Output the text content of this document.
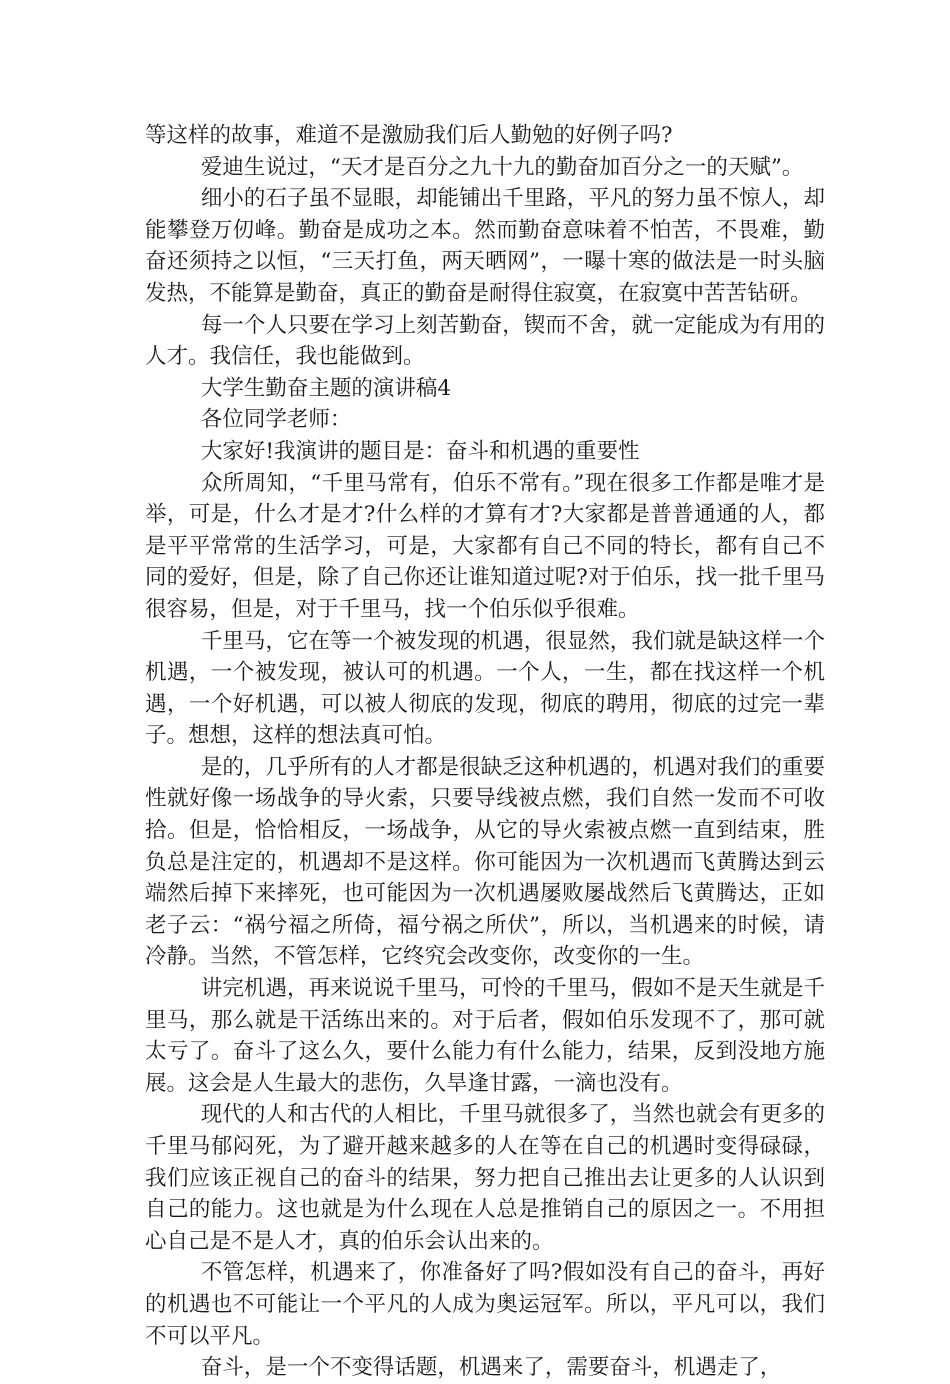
等这样的故事，难道不是激励我们后人勤勉的好例子吗?

爱迪生说过，“天才是百分之九十九的勤奋加百分之一的天赋”。

细小的石子虽不显眼，却能铺出千里路，平凡的努力虽不惊人，却能攀登万仞峰。勤奋是成功之本。然而勤奋意味着不怕苦，不畏难，勤奋还须持之以恒，“三天打鱼，两天晒网”，一曝十寒的做法是一时头脑发热，不能算是勤奋，真正的勤奋是耐得住寂寞，在寂寞中苦苦钻研。

每一个人只要在学习上刻苦勤奋，锲而不舍，就一定能成为有用的人才。我信任，我也能做到。

大学生勤奋主题的演讲稿4

各位同学老师：

大家好!我演讲的题目是：奋斗和机遇的重要性

众所周知，“千里马常有，伯乐不常有。”现在很多工作都是唯才是举，可是，什么才是才?什么样的才算有才?大家都是普普通通的人，都是平平常常的生活学习，可是，大家都有自己不同的特长，都有自己不同的爱好，但是，除了自己你还让谁知道过呢?对于伯乐，找一批千里马很容易，但是，对于千里马，找一个伯乐似乎很难。

千里马，它在等一个被发现的机遇，很显然，我们就是缺这样一个机遇，一个被发现，被认可的机遇。一个人，一生，都在找这样一个机遇，一个好机遇，可以被人彻底的发现，彻底的聘用，彻底的过完一辈子。想想，这样的想法真可怕。

是的，几乎所有的人才都是很缺乏这种机遇的，机遇对我们的重要性就好像一场战争的导火索，只要导线被点燃，我们自然一发而不可收拾。但是，恰恰相反，一场战争，从它的导火索被点燃一直到结束，胜负总是注定的，机遇却不是这样。你可能因为一次机遇而飞黄腾达到云端然后掉下来摔死，也可能因为一次机遇屡败屡战然后飞黄腾达，正如老子云：“祸兮福之所倚，福兮祸之所伏”，所以，当机遇来的时候，请冷静。当然，不管怎样，它终究会改变你，改变你的一生。

讲完机遇，再来说说千里马，可怜的千里马，假如不是天生就是千里马，那么就是干活练出来的。对于后者，假如伯乐发现不了，那可就太亏了。奋斗了这么久，要什么能力有什么能力，结果，反到没地方施展。这会是人生最大的悲伤，久旱逢甘露，一滴也没有。

现代的人和古代的人相比，千里马就很多了，当然也就会有更多的千里马郁闷死，为了避开越来越多的人在等在自己的机遇时变得碌碌，我们应该正视自己的奋斗的结果，努力把自己推出去让更多的人认识到自己的能力。这也就是为什么现在人总是推销自己的原因之一。不用担心自己是不是人才，真的伯乐会认出来的。

不管怎样，机遇来了，你准备好了吗?假如没有自己的奋斗，再好的机遇也不可能让一个平凡的人成为奥运冠军。所以，平凡可以，我们不可以平凡。

奋斗，是一个不变得话题，机遇来了，需要奋斗，机遇走了，
